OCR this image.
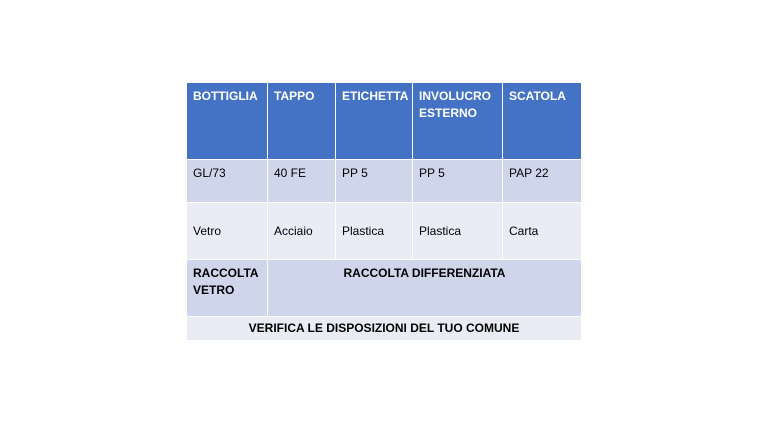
BOTTIGLIA	TAPPO	ETICHETTA	INVOLUCRO ESTERNO	SCATOLA
GL/73	40 FE	PP 5	PP 5	PAP 22
Vetro	Acciaio	Plastica	Plastica	Carta
RACCOLTA VETRO	RACCOLTA DIFFERENZIATA			
VERIFICA LE DISPOSIZIONI DEL TUO COMUNE				
